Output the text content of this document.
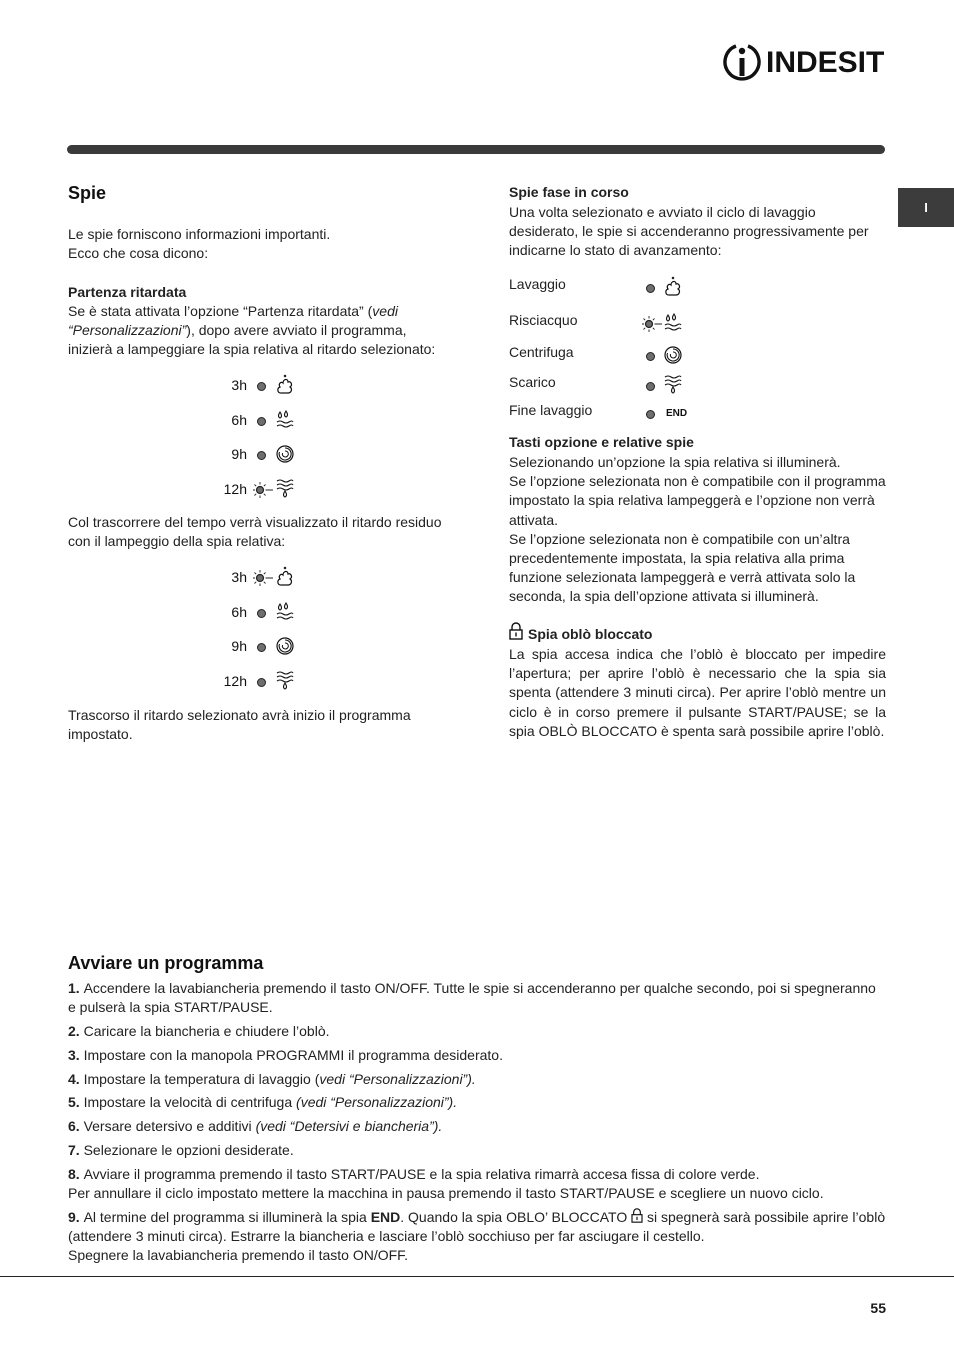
INDESIT
I
Spie
Le spie forniscono informazioni importanti.
Ecco che cosa dicono:
Partenza ritardata
Se è stata attivata l’opzione “Partenza ritardata” (vedi “Personalizzazioni”), dopo avere avviato il programma, inizierà a lampeggiare la spia relativa al ritardo selezionato:
3h
6h
9h
12h
Col trascorrere del tempo verrà visualizzato il ritardo residuo con il lampeggio della spia relativa:
3h
6h
9h
12h
Trascorso il ritardo selezionato avrà inizio il programma impostato.
Spie fase in corso
Una volta selezionato e avviato il ciclo di lavaggio desiderato, le spie si accenderanno progressivamente per indicarne lo stato di avanzamento:
Lavaggio
Risciacquo
Centrifuga
Scarico
Fine lavaggio	END
Tasti opzione e relative spie
Selezionando un’opzione la spia relativa si illuminerà.
Se l’opzione selezionata non è compatibile con il programma impostato la spia relativa lampeggerà e l’opzione non verrà attivata.
Se l’opzione selezionata non è compatibile con un’altra precedentemente impostata, la spia relativa alla prima funzione selezionata lampeggerà e verrà attivata solo la seconda, la spia dell’opzione attivata si illuminerà.
Spia oblò bloccato
La spia accesa indica che l’oblò è bloccato per impedire l’apertura; per aprire l’oblò è necessario che la spia sia spenta (attendere 3 minuti circa). Per aprire l’oblò mentre un ciclo è in corso premere il pulsante START/PAUSE; se la spia OBLÒ BLOCCATO è spenta sarà possibile aprire l’oblò.
Avviare un programma
1. Accendere la lavabiancheria premendo il tasto ON/OFF. Tutte le spie si accenderanno per qualche secondo, poi si spegneranno e pulserà la spia START/PAUSE.
2. Caricare la biancheria e chiudere l’oblò.
3. Impostare con la manopola PROGRAMMI il programma desiderato.
4. Impostare la temperatura di lavaggio (vedi “Personalizzazioni”).
5. Impostare la velocità di centrifuga (vedi “Personalizzazioni”).
6. Versare detersivo e additivi (vedi “Detersivi e biancheria”).
7. Selezionare le opzioni desiderate.
8. Avviare il programma premendo il tasto START/PAUSE e la spia relativa rimarrà accesa fissa di colore verde.
Per annullare il ciclo impostato mettere la macchina in pausa premendo il tasto START/PAUSE e scegliere un nuovo ciclo.
9. Al termine del programma si illuminerà la spia END. Quando la spia OBLO’ BLOCCATO  si spegnerà sarà possibile aprire l’oblò (attendere 3 minuti circa). Estrarre la biancheria e lasciare l’oblò socchiuso per far asciugare il cestello.
Spegnere la lavabiancheria premendo il tasto ON/OFF.
55
